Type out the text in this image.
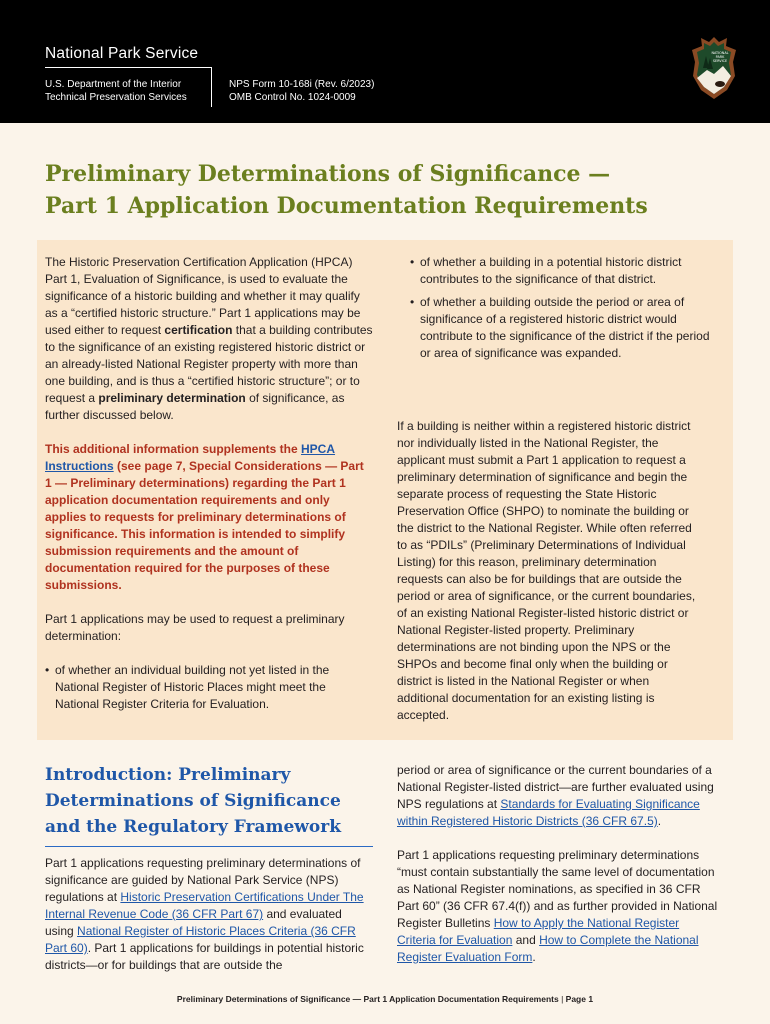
National Park Service
U.S. Department of the Interior
Technical Preservation Services
NPS Form 10-168i (Rev. 6/2023)
OMB Control No. 1024-0009
NATIONAL
PARK
SERVICE
Preliminary Determinations of Significance —
Part 1 Application Documentation Requirements

The Historic Preservation Certification Application (HPCA) Part 1, Evaluation of Significance, is used to evaluate the significance of a historic building and whether it may qualify as a “certified historic structure.” Part 1 applications may be used either to request certification that a building contributes to the significance of an existing registered historic district or an already-listed National Register property with more than one building, and is thus a “certified historic structure”; or to request a preliminary determination of significance, as further discussed below.

This additional information supplements the HPCA Instructions (see page 7, Special Considerations — Part 1 — Preliminary determinations) regarding the Part 1 application documentation requirements and only applies to requests for preliminary determinations of significance. This information is intended to simplify submission requirements and the amount of documentation required for the purposes of these submissions.

Part 1 applications may be used to request a preliminary determination:

• of whether an individual building not yet listed in the National Register of Historic Places might meet the National Register Criteria for Evaluation.
• of whether a building in a potential historic district contributes to the significance of that district.
• of whether a building outside the period or area of significance of a registered historic district would contribute to the significance of the district if the period or area of significance was expanded.

If a building is neither within a registered historic district nor individually listed in the National Register, the applicant must submit a Part 1 application to request a preliminary determination of significance and begin the separate process of requesting the State Historic Preservation Office (SHPO) to nominate the building or the district to the National Register. While often referred to as “PDILs” (Preliminary Determinations of Individual Listing) for this reason, preliminary determination requests can also be for buildings that are outside the period or area of significance, or the current boundaries, of an existing National Register-listed historic district or National Register-listed property. Preliminary determinations are not binding upon the NPS or the SHPOs and become final only when the building or district is listed in the National Register or when additional documentation for an existing listing is accepted.

Introduction: Preliminary Determinations of Significance and the Regulatory Framework

Part 1 applications requesting preliminary determinations of significance are guided by National Park Service (NPS) regulations at Historic Preservation Certifications Under The Internal Revenue Code (36 CFR Part 67) and evaluated using National Register of Historic Places Criteria (36 CFR Part 60). Part 1 applications for buildings in potential historic districts—or for buildings that are outside the

period or area of significance or the current boundaries of a National Register-listed district—are further evaluated using NPS regulations at Standards for Evaluating Significance within Registered Historic Districts (36 CFR 67.5).

Part 1 applications requesting preliminary determinations “must contain substantially the same level of documentation as National Register nominations, as specified in 36 CFR Part 60” (36 CFR 67.4(f)) and as further provided in National Register Bulletins How to Apply the National Register Criteria for Evaluation and How to Complete the National Register Evaluation Form.

Preliminary Determinations of Significance — Part 1 Application Documentation Requirements | Page 1
